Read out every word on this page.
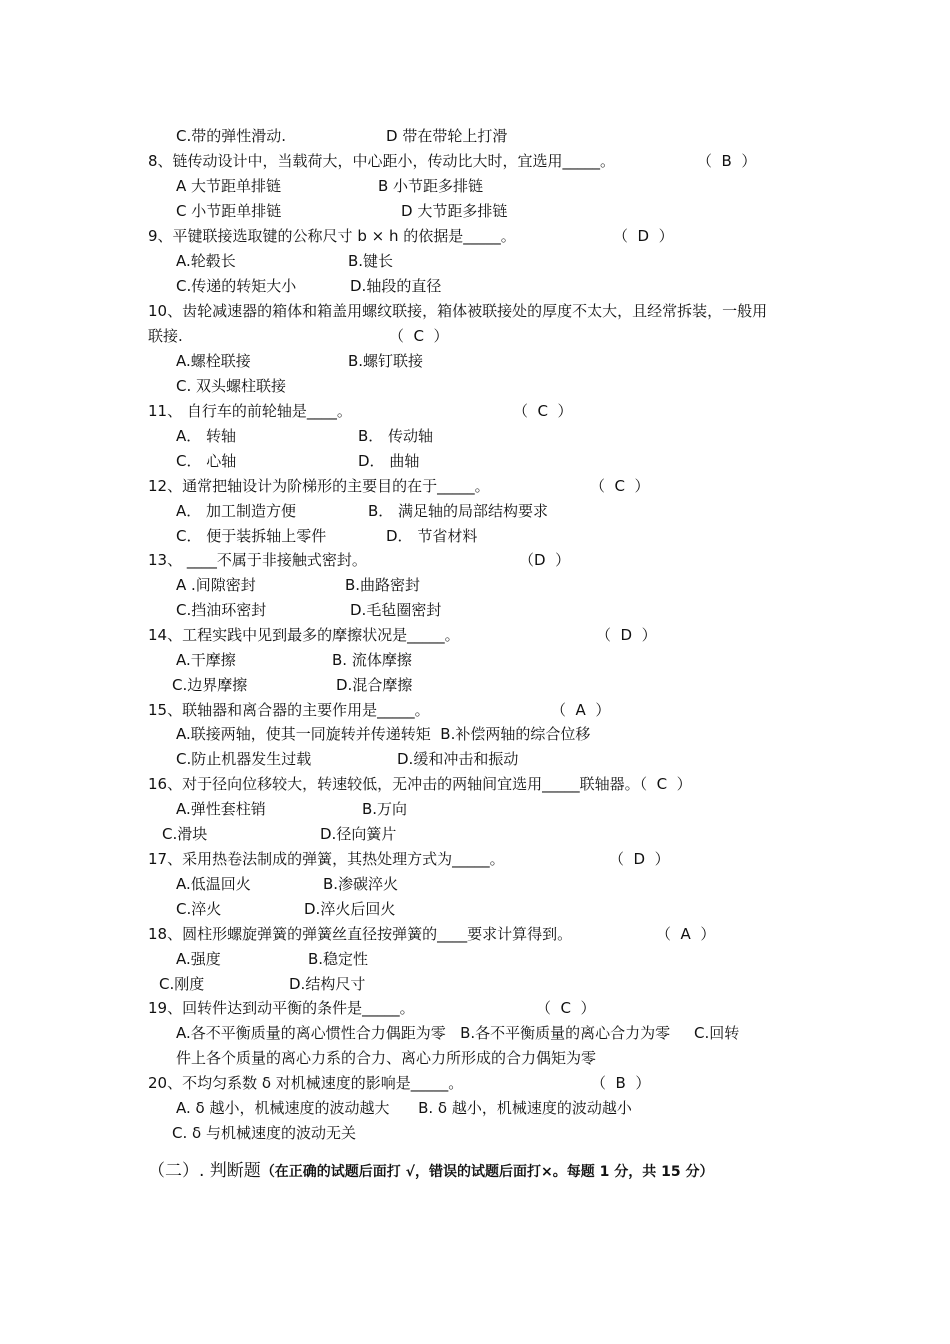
C.带的弹性滑动.	D 带在带轮上打滑
8、链传动设计中，当载荷大，中心距小，传动比大时，宜选用_____。	（  B  ）
A 大节距单排链	B 小节距多排链
C 小节距单排链	D 大节距多排链
9、平键联接选取键的公称尺寸 b × h 的依据是_____。	（  D  ）
A.轮毂长	B.键长
C.传递的转矩大小	D.轴段的直径
10、齿轮减速器的箱体和箱盖用螺纹联接，箱体被联接处的厚度不太大，且经常拆装，一般用
联接.	（  C  ）
A.螺栓联接	B.螺钉联接
C. 双头螺柱联接
11、 自行车的前轮轴是____。	（  C  ）
A． 转轴	B． 传动轴
C． 心轴	D． 曲轴
12、通常把轴设计为阶梯形的主要目的在于_____。	（  C  ）
A． 加工制造方便	B． 满足轴的局部结构要求
C． 便于装拆轴上零件	D． 节省材料
13、 ____不属于非接触式密封。	（D  ）
A .间隙密封	B.曲路密封
C.挡油环密封	D.毛毡圈密封
14、工程实践中见到最多的摩擦状况是_____。	（  D  ）
A.干摩擦	B. 流体摩擦
C.边界摩擦	D.混合摩擦
15、联轴器和离合器的主要作用是_____。	（  A  ）
A.联接两轴，使其一同旋转并传递转矩  B.补偿两轴的综合位移
C.防止机器发生过载	D.缓和冲击和振动
16、对于径向位移较大，转速较低，无冲击的两轴间宜选用_____联轴器。（  C  ）
A.弹性套柱销	B.万向
C.滑块	D.径向簧片
17、采用热卷法制成的弹簧，其热处理方式为_____。	（  D  ）
A.低温回火	B.渗碳淬火
C.淬火	D.淬火后回火
18、圆柱形螺旋弹簧的弹簧丝直径按弹簧的____要求计算得到。	（  A  ）
A.强度	B.稳定性
C.刚度	D.结构尺寸
19、回转件达到动平衡的条件是_____。	（  C  ）
A.各不平衡质量的离心惯性合力偶距为零   B.各不平衡质量的离心合力为零     C.回转
件上各个质量的离心力系的合力、离心力所形成的合力偶矩为零
20、不均匀系数 δ 对机械速度的影响是_____。	（  B  ）
A. δ 越小，机械速度的波动越大      B. δ 越小，机械速度的波动越小
C. δ 与机械速度的波动无关
（二）. 判断题（在正确的试题后面打 √，错误的试题后面打×。每题 1 分，共 15 分）
